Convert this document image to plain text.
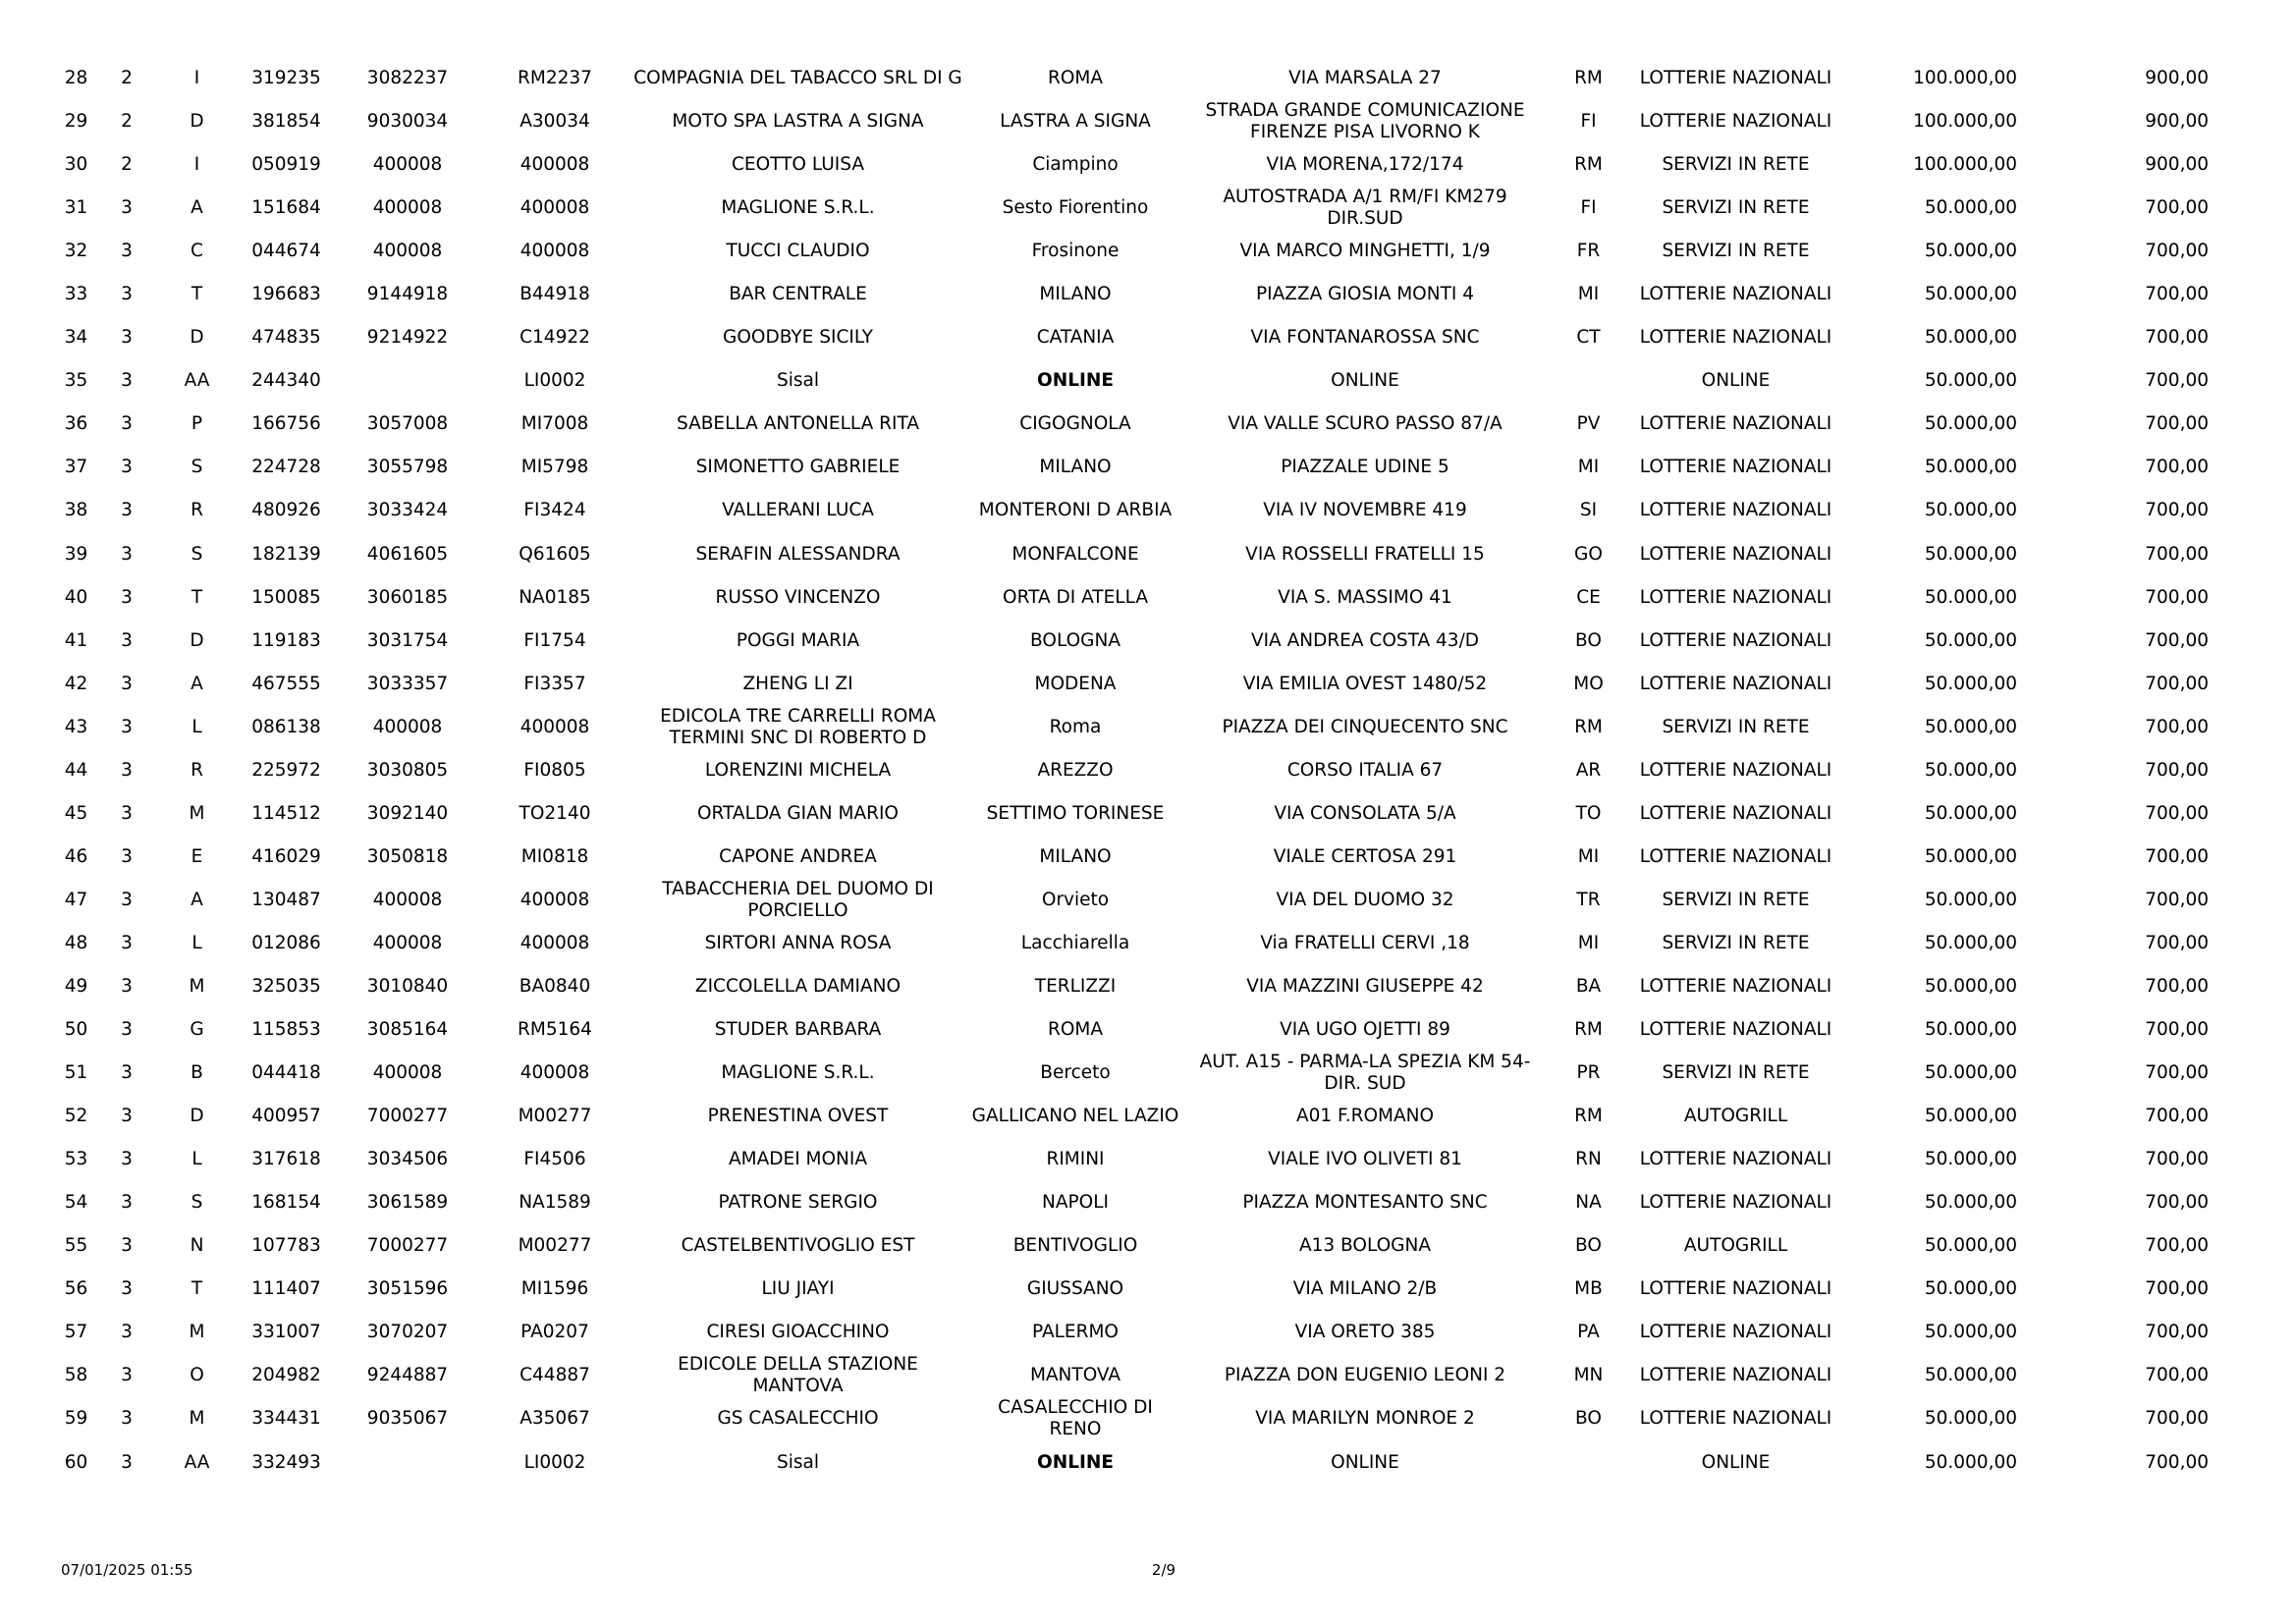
28	2	I	319235	3082237	RM2237	COMPAGNIA DEL TABACCO SRL DI G	ROMA	VIA MARSALA 27	RM	LOTTERIE NAZIONALI	100.000,00	900,00
29	2	D	381854	9030034	A30034	MOTO SPA LASTRA A SIGNA	LASTRA A SIGNA	STRADA GRANDE COMUNICAZIONE FIRENZE PISA LIVORNO K	FI	LOTTERIE NAZIONALI	100.000,00	900,00
30	2	I	050919	400008	400008	CEOTTO LUISA	Ciampino	VIA MORENA,172/174	RM	SERVIZI IN RETE	100.000,00	900,00
31	3	A	151684	400008	400008	MAGLIONE S.R.L.	Sesto Fiorentino	AUTOSTRADA A/1 RM/FI KM279 DIR.SUD	FI	SERVIZI IN RETE	50.000,00	700,00
32	3	C	044674	400008	400008	TUCCI CLAUDIO	Frosinone	VIA MARCO MINGHETTI, 1/9	FR	SERVIZI IN RETE	50.000,00	700,00
33	3	T	196683	9144918	B44918	BAR CENTRALE	MILANO	PIAZZA GIOSIA MONTI 4	MI	LOTTERIE NAZIONALI	50.000,00	700,00
34	3	D	474835	9214922	C14922	GOODBYE SICILY	CATANIA	VIA FONTANAROSSA SNC	CT	LOTTERIE NAZIONALI	50.000,00	700,00
35	3	AA	244340		LI0002	Sisal	ONLINE	ONLINE		ONLINE	50.000,00	700,00
36	3	P	166756	3057008	MI7008	SABELLA ANTONELLA RITA	CIGOGNOLA	VIA VALLE SCURO PASSO 87/A	PV	LOTTERIE NAZIONALI	50.000,00	700,00
37	3	S	224728	3055798	MI5798	SIMONETTO GABRIELE	MILANO	PIAZZALE UDINE 5	MI	LOTTERIE NAZIONALI	50.000,00	700,00
38	3	R	480926	3033424	FI3424	VALLERANI LUCA	MONTERONI D ARBIA	VIA IV NOVEMBRE 419	SI	LOTTERIE NAZIONALI	50.000,00	700,00
39	3	S	182139	4061605	Q61605	SERAFIN ALESSANDRA	MONFALCONE	VIA ROSSELLI FRATELLI 15	GO	LOTTERIE NAZIONALI	50.000,00	700,00
40	3	T	150085	3060185	NA0185	RUSSO VINCENZO	ORTA DI ATELLA	VIA S. MASSIMO 41	CE	LOTTERIE NAZIONALI	50.000,00	700,00
41	3	D	119183	3031754	FI1754	POGGI MARIA	BOLOGNA	VIA ANDREA COSTA 43/D	BO	LOTTERIE NAZIONALI	50.000,00	700,00
42	3	A	467555	3033357	FI3357	ZHENG LI ZI	MODENA	VIA EMILIA OVEST 1480/52	MO	LOTTERIE NAZIONALI	50.000,00	700,00
43	3	L	086138	400008	400008	EDICOLA TRE CARRELLI ROMA TERMINI SNC DI ROBERTO D	Roma	PIAZZA DEI CINQUECENTO SNC	RM	SERVIZI IN RETE	50.000,00	700,00
44	3	R	225972	3030805	FI0805	LORENZINI MICHELA	AREZZO	CORSO ITALIA 67	AR	LOTTERIE NAZIONALI	50.000,00	700,00
45	3	M	114512	3092140	TO2140	ORTALDA GIAN MARIO	SETTIMO TORINESE	VIA CONSOLATA 5/A	TO	LOTTERIE NAZIONALI	50.000,00	700,00
46	3	E	416029	3050818	MI0818	CAPONE ANDREA	MILANO	VIALE CERTOSA 291	MI	LOTTERIE NAZIONALI	50.000,00	700,00
47	3	A	130487	400008	400008	TABACCHERIA DEL DUOMO DI PORCIELLO	Orvieto	VIA DEL DUOMO 32	TR	SERVIZI IN RETE	50.000,00	700,00
48	3	L	012086	400008	400008	SIRTORI ANNA ROSA	Lacchiarella	Via FRATELLI CERVI ,18	MI	SERVIZI IN RETE	50.000,00	700,00
49	3	M	325035	3010840	BA0840	ZICCOLELLA DAMIANO	TERLIZZI	VIA MAZZINI GIUSEPPE 42	BA	LOTTERIE NAZIONALI	50.000,00	700,00
50	3	G	115853	3085164	RM5164	STUDER BARBARA	ROMA	VIA UGO OJETTI 89	RM	LOTTERIE NAZIONALI	50.000,00	700,00
51	3	B	044418	400008	400008	MAGLIONE S.R.L.	Berceto	AUT. A15 - PARMA-LA SPEZIA KM 54-DIR. SUD	PR	SERVIZI IN RETE	50.000,00	700,00
52	3	D	400957	7000277	M00277	PRENESTINA OVEST	GALLICANO NEL LAZIO	A01 F.ROMANO	RM	AUTOGRILL	50.000,00	700,00
53	3	L	317618	3034506	FI4506	AMADEI MONIA	RIMINI	VIALE IVO OLIVETI 81	RN	LOTTERIE NAZIONALI	50.000,00	700,00
54	3	S	168154	3061589	NA1589	PATRONE SERGIO	NAPOLI	PIAZZA MONTESANTO SNC	NA	LOTTERIE NAZIONALI	50.000,00	700,00
55	3	N	107783	7000277	M00277	CASTELBENTIVOGLIO EST	BENTIVOGLIO	A13 BOLOGNA	BO	AUTOGRILL	50.000,00	700,00
56	3	T	111407	3051596	MI1596	LIU JIAYI	GIUSSANO	VIA MILANO 2/B	MB	LOTTERIE NAZIONALI	50.000,00	700,00
57	3	M	331007	3070207	PA0207	CIRESI GIOACCHINO	PALERMO	VIA ORETO 385	PA	LOTTERIE NAZIONALI	50.000,00	700,00
58	3	O	204982	9244887	C44887	EDICOLE DELLA STAZIONE MANTOVA	MANTOVA	PIAZZA DON EUGENIO LEONI 2	MN	LOTTERIE NAZIONALI	50.000,00	700,00
59	3	M	334431	9035067	A35067	GS CASALECCHIO	CASALECCHIO DI RENO	VIA MARILYN MONROE 2	BO	LOTTERIE NAZIONALI	50.000,00	700,00
60	3	AA	332493		LI0002	Sisal	ONLINE	ONLINE		ONLINE	50.000,00	700,00
07/01/2025 01:55	2/9
